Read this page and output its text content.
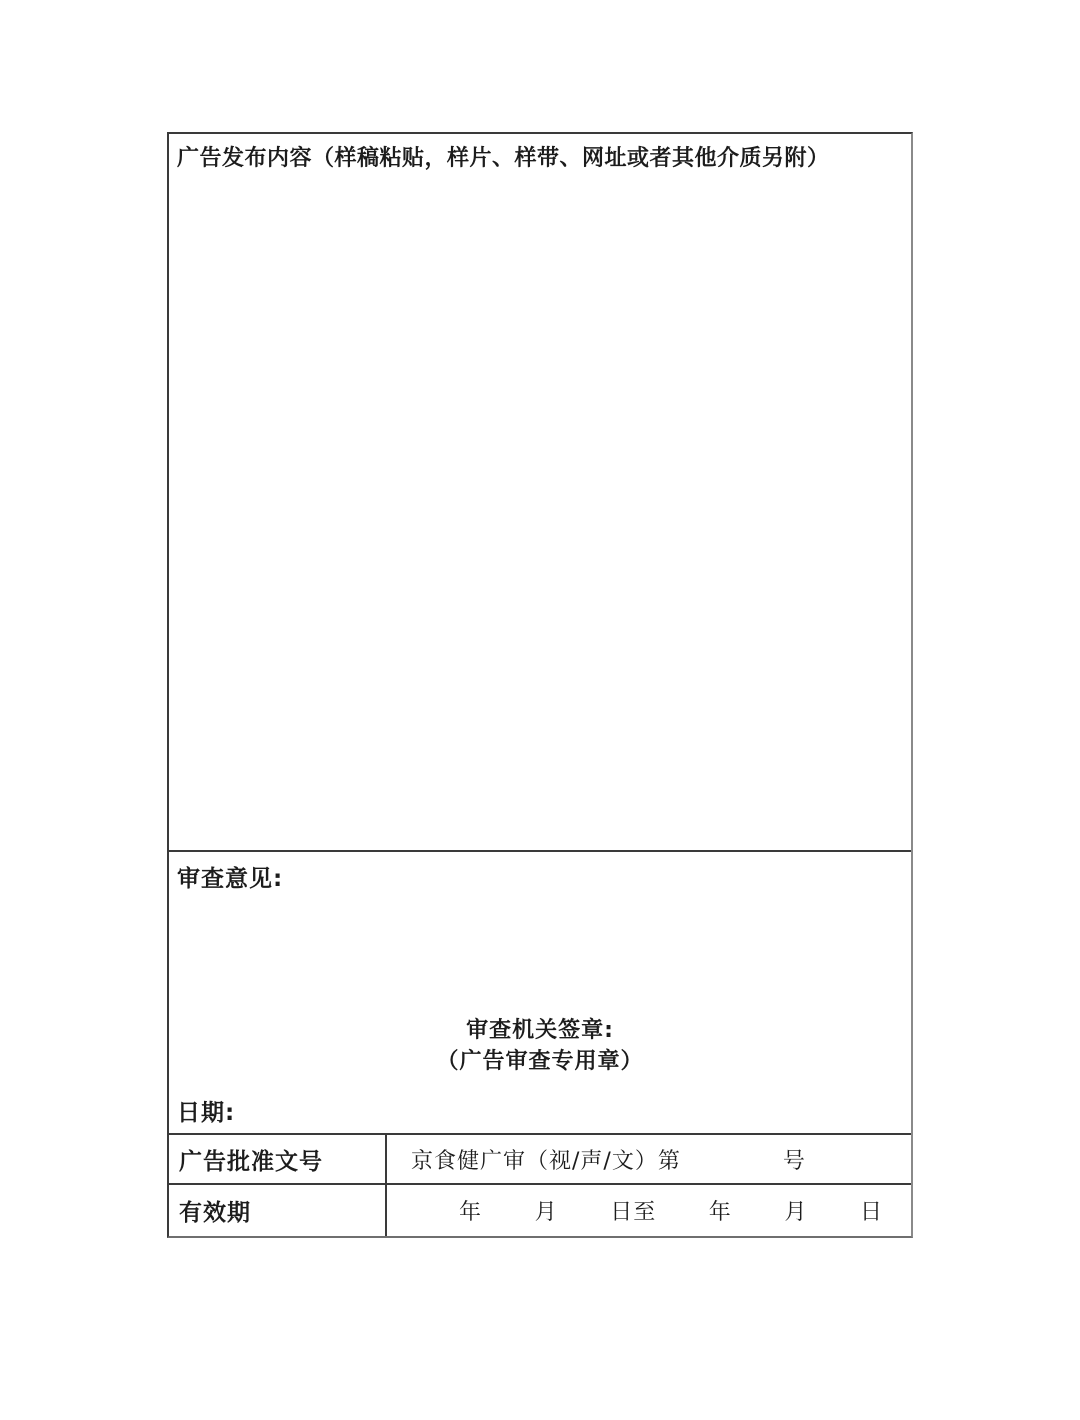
广告发布内容（样稿粘贴，样片、样带、网址或者其他介质另附）
审查意见:
审查机关签章:
（广告审查专用章）
日期:
广告批准文号	京食健广审（视/声/文）第	号
有效期	年 月 日至 年 月 日
